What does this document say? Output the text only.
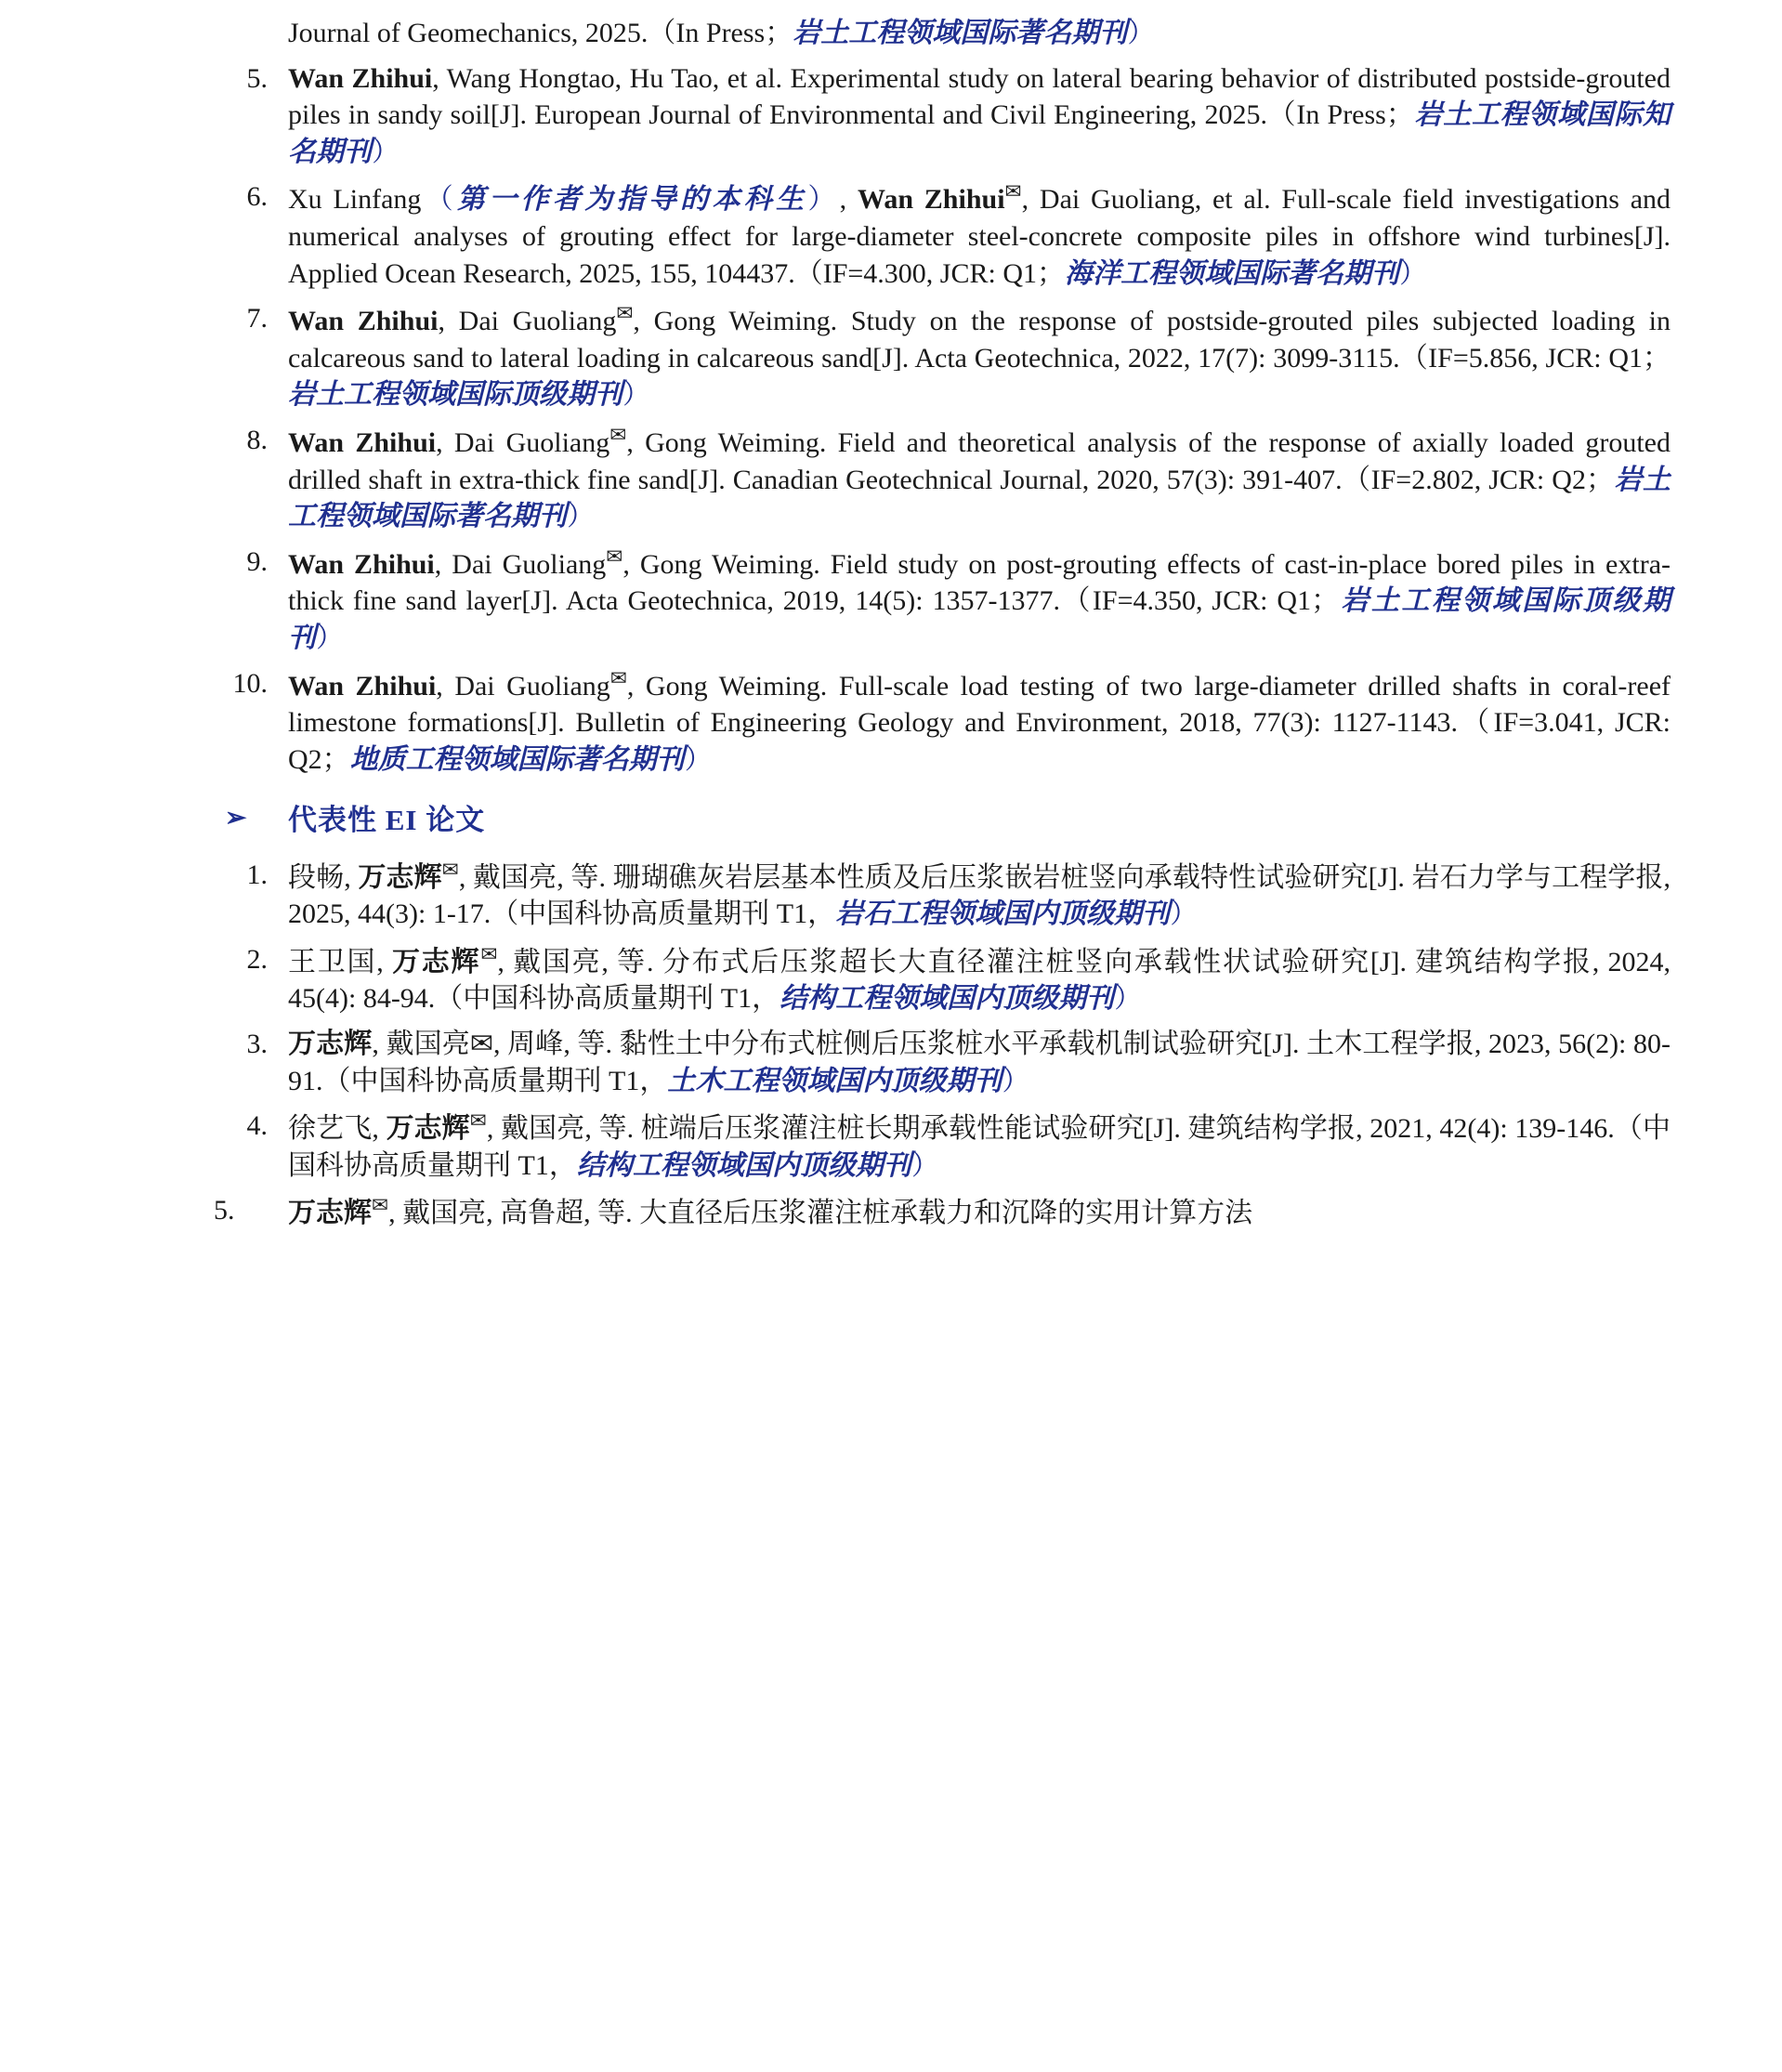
Journal of Geomechanics, 2025.（In Press；岩土工程领域国际著名期刊）
5. Wan Zhihui, Wang Hongtao, Hu Tao, et al. Experimental study on lateral bearing behavior of distributed postside-grouted piles in sandy soil[J]. European Journal of Environmental and Civil Engineering, 2025.（In Press；岩土工程领域国际知名期刊）
6. Xu Linfang（第一作者为指导的本科生）, Wan Zhihui✉, Dai Guoliang, et al. Full-scale field investigations and numerical analyses of grouting effect for large-diameter steel-concrete composite piles in offshore wind turbines[J]. Applied Ocean Research, 2025, 155, 104437.（IF=4.300, JCR: Q1；海洋工程领域国际著名期刊）
7. Wan Zhihui, Dai Guoliang✉, Gong Weiming. Study on the response of postside-grouted piles subjected loading in calcareous sand to lateral loading in calcareous sand[J]. Acta Geotechnica, 2022, 17(7): 3099-3115.（IF=5.856, JCR: Q1；岩土工程领域国际顶级期刊）
8. Wan Zhihui, Dai Guoliang✉, Gong Weiming. Field and theoretical analysis of the response of axially loaded grouted drilled shaft in extra-thick fine sand[J]. Canadian Geotechnical Journal, 2020, 57(3): 391-407.（IF=2.802, JCR: Q2；岩土工程领域国际著名期刊）
9. Wan Zhihui, Dai Guoliang✉, Gong Weiming. Field study on post-grouting effects of cast-in-place bored piles in extra-thick fine sand layer[J]. Acta Geotechnica, 2019, 14(5): 1357-1377.（IF=4.350, JCR: Q1；岩土工程领域国际顶级期刊）
10. Wan Zhihui, Dai Guoliang✉, Gong Weiming. Full-scale load testing of two large-diameter drilled shafts in coral-reef limestone formations[J]. Bulletin of Engineering Geology and Environment, 2018, 77(3): 1127-1143.（IF=3.041, JCR: Q2；地质工程领域国际著名期刊）
➢ 代表性 EI 论文
1. 段畅, 万志辉✉, 戴国亮, 等. 珊瑚礁灰岩层基本性质及后压浆嵌岩桩竖向承载特性试验研究[J]. 岩石力学与工程学报, 2025, 44(3): 1-17.（中国科协高质量期刊 T1，岩石工程领域国内顶级期刊）
2. 王卫国, 万志辉✉, 戴国亮, 等. 分布式后压浆超长大直径灌注桩竖向承载性状试验研究[J]. 建筑结构学报, 2024, 45(4): 84-94.（中国科协高质量期刊 T1，结构工程领域国内顶级期刊）
3. 万志辉, 戴国亮✉, 周峰, 等. 黏性土中分布式桩侧后压浆桩水平承载机制试验研究[J]. 土木工程学报, 2023, 56(2): 80-91.（中国科协高质量期刊 T1，土木工程领域国内顶级期刊）
4. 徐艺飞, 万志辉✉, 戴国亮, 等. 桩端后压浆灌注桩长期承载性能试验研究[J]. 建筑结构学报, 2021, 42(4): 139-146.（中国科协高质量期刊 T1，结构工程领域国内顶级期刊）
5.	万志辉✉, 戴国亮, 高鲁超, 等. 大直径后压浆灌注桩承载力和沉降的实用计算方法
